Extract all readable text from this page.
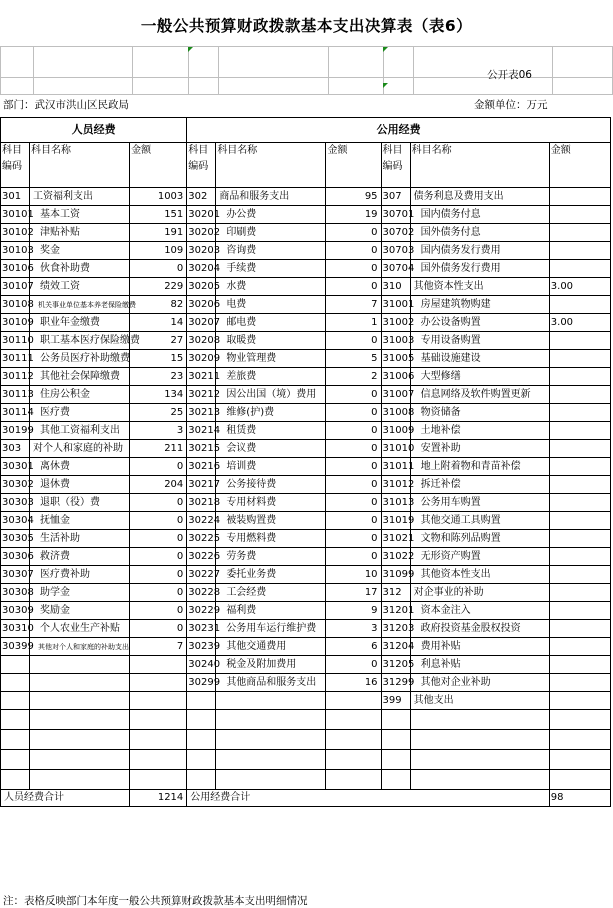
一般公共预算财政拨款基本支出决算表（表6）
公开表06
部门：武汉市洪山区民政局	金额单位：万元
人员经费			公用经费					
科目编码	科目名称	金额	科目编码	科目名称	金额	科目编码	科目名称	金额
301	工资福利支出	1003	302	商品和服务支出	95	307	债务利息及费用支出	
30101	基本工资	151	30201	办公费	19	30701	国内债务付息	
30102	津贴补贴	191	30202	印刷费	0	30702	国外债务付息	
30103	奖金	109	30203	咨询费	0	30703	国内债务发行费用	
30106	伙食补助费	0	30204	手续费	0	30704	国外债务发行费用	
30107	绩效工资	229	30205	水费	0	310	其他资本性支出	3.00
30108	机关事业单位基本养老保险缴费	82	30206	电费	7	31001	房屋建筑物购建	
30109	职业年金缴费	14	30207	邮电费	1	31002	办公设备购置	3.00
30110	职工基本医疗保险缴费	27	30208	取暖费	0	31003	专用设备购置	
30111	公务员医疗补助缴费	15	30209	物业管理费	5	31005	基础设施建设	
30112	其他社会保障缴费	23	30211	差旅费	2	31006	大型修缮	
30113	住房公积金	134	30212	因公出国（境）费用	0	31007	信息网络及软件购置更新	
30114	医疗费	25	30213	维修(护)费	0	31008	物资储备	
30199	其他工资福利支出	3	30214	租赁费	0	31009	土地补偿	
303	对个人和家庭的补助	211	30215	会议费	0	31010	安置补助	
30301	离休费	0	30216	培训费	0	31011	地上附着物和青苗补偿	
30302	退休费	204	30217	公务接待费	0	31012	拆迁补偿	
30303	退职（役）费	0	30218	专用材料费	0	31013	公务用车购置	
30304	抚恤金	0	30224	被装购置费	0	31019	其他交通工具购置	
30305	生活补助	0	30225	专用燃料费	0	31021	文物和陈列品购置	
30306	救济费	0	30226	劳务费	0	31022	无形资产购置	
30307	医疗费补助	0	30227	委托业务费	10	31099	其他资本性支出	
30308	助学金	0	30228	工会经费	17	312	对企事业的补助	
30309	奖励金	0	30229	福利费	9	31201	资本金注入	
30310	个人农业生产补贴	0	30231	公务用车运行维护费	3	31203	政府投资基金股权投资	
30399	其他对个人和家庭的补助支出	7	30239	其他交通费用	6	31204	费用补贴	
			30240	税金及附加费用	0	31205	利息补贴	
			30299	其他商品和服务支出	16	31299	其他对企业补助	
						399	其他支出	

人员经费合计		1214	公用经费合计					98
注：表格反映部门本年度一般公共预算财政拨款基本支出明细情况
